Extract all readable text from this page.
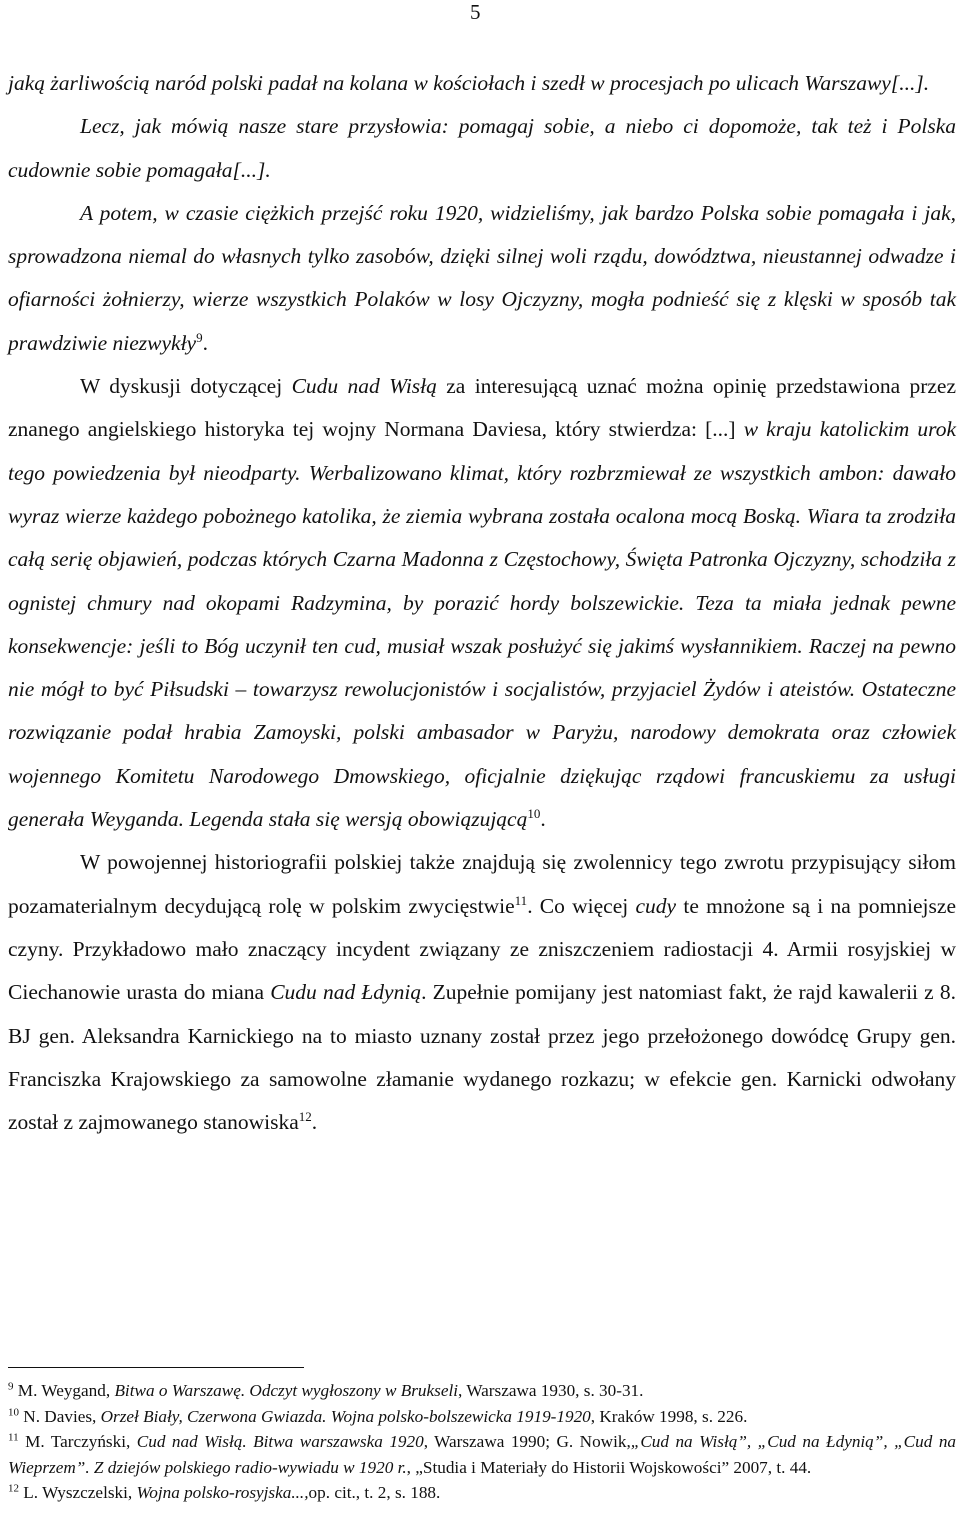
5

jaką żarliwością naród polski padał na kolana w kościołach i szedł w procesjach po ulicach Warszawy[...].

Lecz, jak mówią nasze stare przysłowia: pomagaj sobie, a niebo ci dopomoże, tak też i Polska cudownie sobie pomagała[...].

A potem, w czasie ciężkich przejść roku 1920, widzieliśmy, jak bardzo Polska sobie pomagała i jak, sprowadzona niemal do własnych tylko zasobów, dzięki silnej woli rządu, dowództwa, nieustannej odwadze i ofiarności żołnierzy, wierze wszystkich Polaków w losy Ojczyzny, mogła podnieść się z klęski w sposób tak prawdziwie niezwykły$^9$.

W dyskusji dotyczącej Cudu nad Wisłą za interesującą uznać można opinię przedstawiona przez znanego angielskiego historyka tej wojny Normana Daviesa, który stwierdza: [...] w kraju katolickim urok tego powiedzenia był nieodparty. Werbalizowano klimat, który rozbrzmiewał ze wszystkich ambon: dawało wyraz wierze każdego pobożnego katolika, że ziemia wybrana została ocalona mocą Boską. Wiara ta zrodziła całą serię objawień, podczas których Czarna Madonna z Częstochowy, Święta Patronka Ojczyzny, schodziła z ognistej chmury nad okopami Radzymina, by porazić hordy bolszewickie. Teza ta miała jednak pewne konsekwencje: jeśli to Bóg uczynił ten cud, musiał wszak posłużyć się jakimś wysłannikiem. Raczej na pewno nie mógł to być Piłsudski – towarzysz rewolucjonistów i socjalistów, przyjaciel Żydów i ateistów. Ostateczne rozwiązanie podał hrabia Zamoyski, polski ambasador w Paryżu, narodowy demokrata oraz człowiek wojennego Komitetu Narodowego Dmowskiego, oficjalnie dziękując rządowi francuskiemu za usługi generała Weyganda. Legenda stała się wersją obowiązującą$^{10}$.

W powojennej historiografii polskiej także znajdują się zwolennicy tego zwrotu przypisujący siłom pozamaterialnym decydującą rolę w polskim zwycięstwie$^{11}$. Co więcej cudy te mnożone są i na pomniejsze czyny. Przykładowo mało znaczący incydent związany ze zniszczeniem radiostacji 4. Armii rosyjskiej w Ciechanowie urasta do miana Cudu nad Łdynią. Zupełnie pomijany jest natomiast fakt, że rajd kawalerii z 8. BJ gen. Aleksandra Karnickiego na to miasto uznany został przez jego przełożonego dowódcę Grupy gen. Franciszka Krajowskiego za samowolne złamanie wydanego rozkazu; w efekcie gen. Karnicki odwołany został z zajmowanego stanowiska$^{12}$.

$^9$ M. Weygand, Bitwa o Warszawę. Odczyt wygłoszony w Brukseli, Warszawa 1930, s. 30-31.

$^{10}$ N. Davies, Orzeł Biały, Czerwona Gwiazda. Wojna polsko-bolszewicka 1919-1920, Kraków 1998, s. 226.

$^{11}$ M. Tarczyński, Cud nad Wisłą. Bitwa warszawska 1920, Warszawa 1990; G. Nowik,„Cud na Wisłą”, „Cud na Łdynią”, „Cud na Wieprzem”. Z dziejów polskiego radio-wywiadu w 1920 r., „Studia i Materiały do Historii Wojskowości” 2007, t. 44.

$^{12}$ L. Wyszczelski, Wojna polsko-rosyjska...,op. cit., t. 2, s. 188.
